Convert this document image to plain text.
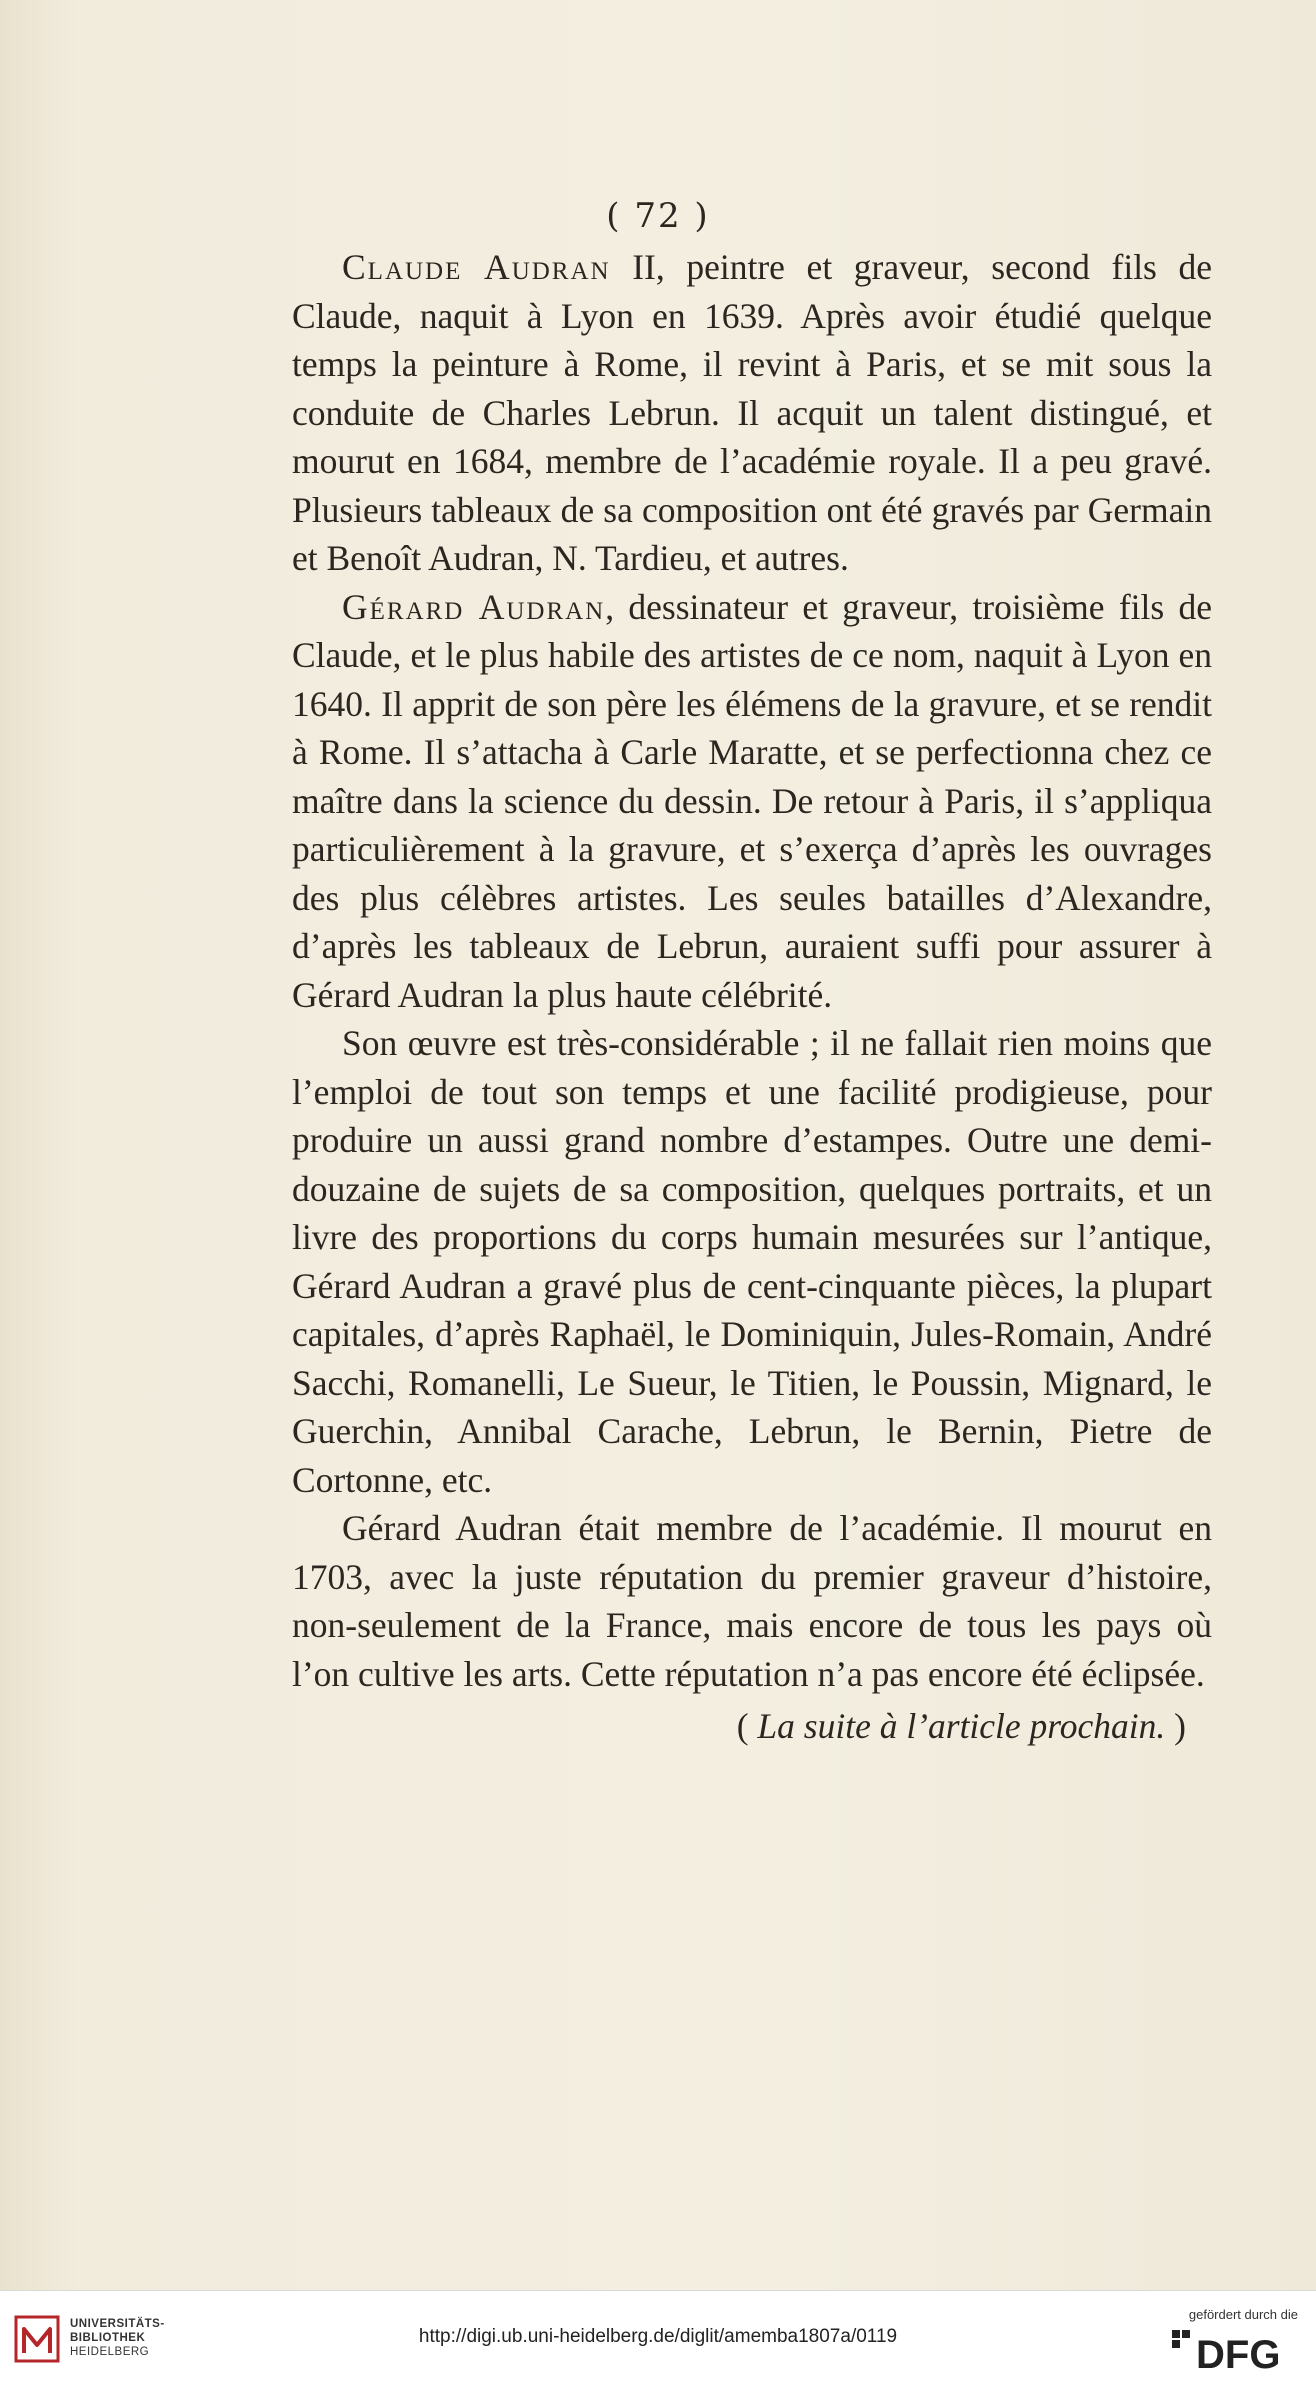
( 72 )

Claude Audran II, peintre et graveur, second fils de Claude, naquit à Lyon en 1639. Après avoir étudié quelque temps la peinture à Rome, il revint à Paris, et se mit sous la conduite de Charles Lebrun. Il acquit un talent distingué, et mourut en 1684, membre de l’académie royale. Il a peu gravé. Plusieurs tableaux de sa composition ont été gravés par Germain et Benoît Audran, N. Tardieu, et autres.

Gérard Audran, dessinateur et graveur, troisième fils de Claude, et le plus habile des artistes de ce nom, naquit à Lyon en 1640. Il apprit de son père les élémens de la gravure, et se rendit à Rome. Il s’attacha à Carle Maratte, et se perfectionna chez ce maître dans la science du dessin. De retour à Paris, il s’appliqua particulièrement à la gravure, et s’exerça d’après les ouvrages des plus célèbres artistes. Les seules batailles d’Alexandre, d’après les tableaux de Lebrun, auraient suffi pour assurer à Gérard Audran la plus haute célébrité.

Son œuvre est très-considérable ; il ne fallait rien moins que l’emploi de tout son temps et une facilité prodigieuse, pour produire un aussi grand nombre d’estampes. Outre une demi-douzaine de sujets de sa composition, quelques portraits, et un livre des proportions du corps humain mesurées sur l’antique, Gérard Audran a gravé plus de cent-cinquante pièces, la plupart capitales, d’après Raphaël, le Dominiquin, Jules-Romain, André Sacchi, Romanelli, Le Sueur, le Titien, le Poussin, Mignard, le Guerchin, Annibal Carache, Lebrun, le Bernin, Pietre de Cortonne, etc.

Gérard Audran était membre de l’académie. Il mourut en 1703, avec la juste réputation du premier graveur d’histoire, non-seulement de la France, mais encore de tous les pays où l’on cultive les arts. Cette réputation n’a pas encore été éclipsée.

( La suite à l’article prochain. )

UNIVERSITÄTS-
BIBLIOTHEK
HEIDELBERG
http://digi.ub.uni-heidelberg.de/diglit/amemba1807a/0119
gefördert durch die
DFG
